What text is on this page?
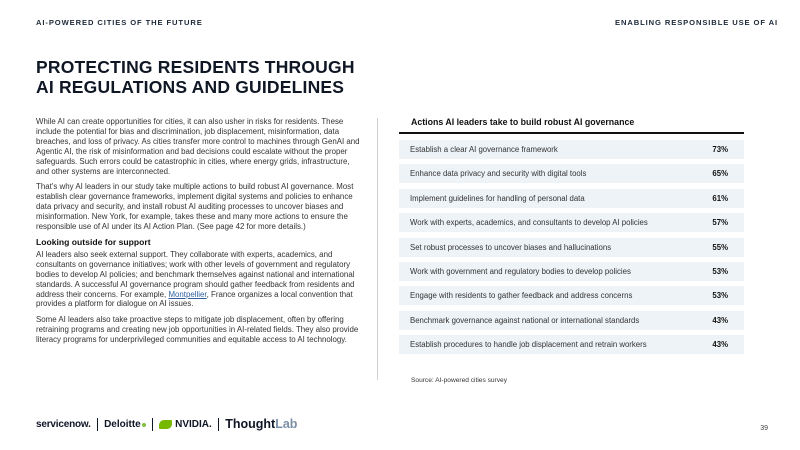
AI-POWERED CITIES OF THE FUTURE	ENABLING RESPONSIBLE USE OF AI
PROTECTING RESIDENTS THROUGH
AI REGULATIONS AND GUIDELINES

While AI can create opportunities for cities, it can also usher in risks for residents. These include the potential for bias and discrimination, job displacement, misinformation, data breaches, and loss of privacy. As cities transfer more control to machines through GenAI and Agentic AI, the risk of misinformation and bad decisions could escalate without the proper safeguards. Such errors could be catastrophic in cities, where energy grids, infrastructure, and other systems are interconnected.

That’s why AI leaders in our study take multiple actions to build robust AI governance. Most establish clear governance frameworks, implement digital systems and policies to enhance data privacy and security, and install robust AI auditing processes to uncover biases and misinformation. New York, for example, takes these and many more actions to ensure the responsible use of AI under its AI Action Plan. (See page 42 for more details.)

Looking outside for support

AI leaders also seek external support. They collaborate with experts, academics, and consultants on governance initiatives; work with other levels of government and regulatory bodies to develop AI policies; and benchmark themselves against national and international standards. A successful AI governance program should gather feedback from residents and address their concerns. For example, Montpellier, France organizes a local convention that provides a platform for dialogue on AI issues.

Some AI leaders also take proactive steps to mitigate job displacement, often by offering retraining programs and creating new job opportunities in AI-related fields. They also provide literacy programs for underprivileged communities and equitable access to AI technology.

Actions AI leaders take to build robust AI governance
Establish a clear AI governance framework	73%
Enhance data privacy and security with digital tools	65%
Implement guidelines for handling of personal data	61%
Work with experts, academics, and consultants to develop AI policies	57%
Set robust processes to uncover biases and hallucinations	55%
Work with government and regulatory bodies to develop policies	53%
Engage with residents to gather feedback and address concerns	53%
Benchmark governance against national or international standards	43%
Establish procedures to handle job displacement and retrain workers	43%
Source: AI-powered cities survey
servicenow. Deloitte	NVIDIA. ThoughtLab	39
